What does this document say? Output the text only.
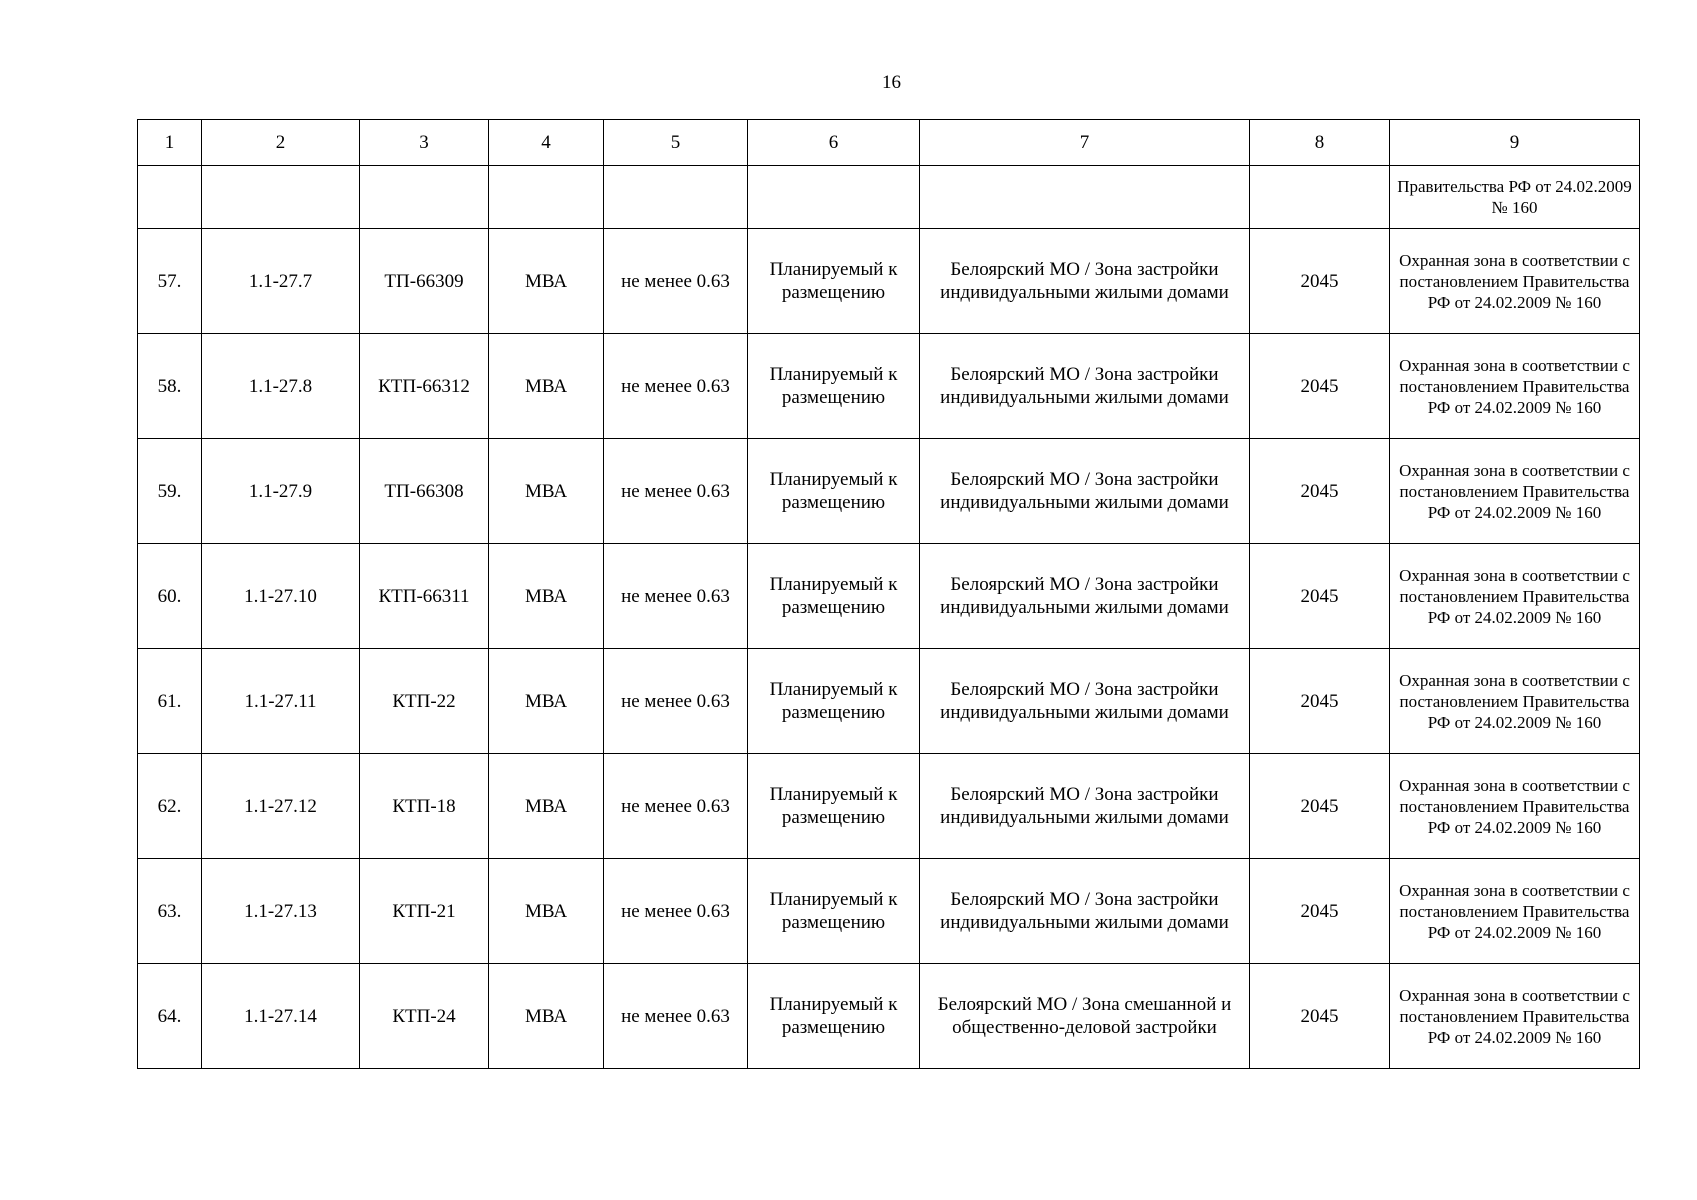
16
1	2	3	4	5	6	7	8	9
								Правительства РФ от 24.02.2009 № 160
57.	1.1-27.7	ТП-66309	МВА	не менее 0.63	Планируемый к размещению	Белоярский МО / Зона застройки индивидуальными жилыми домами	2045	Охранная зона в соответствии с постановлением Правительства РФ от 24.02.2009 № 160
58.	1.1-27.8	КТП-66312	МВА	не менее 0.63	Планируемый к размещению	Белоярский МО / Зона застройки индивидуальными жилыми домами	2045	Охранная зона в соответствии с постановлением Правительства РФ от 24.02.2009 № 160
59.	1.1-27.9	ТП-66308	МВА	не менее 0.63	Планируемый к размещению	Белоярский МО / Зона застройки индивидуальными жилыми домами	2045	Охранная зона в соответствии с постановлением Правительства РФ от 24.02.2009 № 160
60.	1.1-27.10	КТП-66311	МВА	не менее 0.63	Планируемый к размещению	Белоярский МО / Зона застройки индивидуальными жилыми домами	2045	Охранная зона в соответствии с постановлением Правительства РФ от 24.02.2009 № 160
61.	1.1-27.11	КТП-22	МВА	не менее 0.63	Планируемый к размещению	Белоярский МО / Зона застройки индивидуальными жилыми домами	2045	Охранная зона в соответствии с постановлением Правительства РФ от 24.02.2009 № 160
62.	1.1-27.12	КТП-18	МВА	не менее 0.63	Планируемый к размещению	Белоярский МО / Зона застройки индивидуальными жилыми домами	2045	Охранная зона в соответствии с постановлением Правительства РФ от 24.02.2009 № 160
63.	1.1-27.13	КТП-21	МВА	не менее 0.63	Планируемый к размещению	Белоярский МО / Зона застройки индивидуальными жилыми домами	2045	Охранная зона в соответствии с постановлением Правительства РФ от 24.02.2009 № 160
64.	1.1-27.14	КТП-24	МВА	не менее 0.63	Планируемый к размещению	Белоярский МО / Зона смешанной и общественно-деловой застройки	2045	Охранная зона в соответствии с постановлением Правительства РФ от 24.02.2009 № 160
